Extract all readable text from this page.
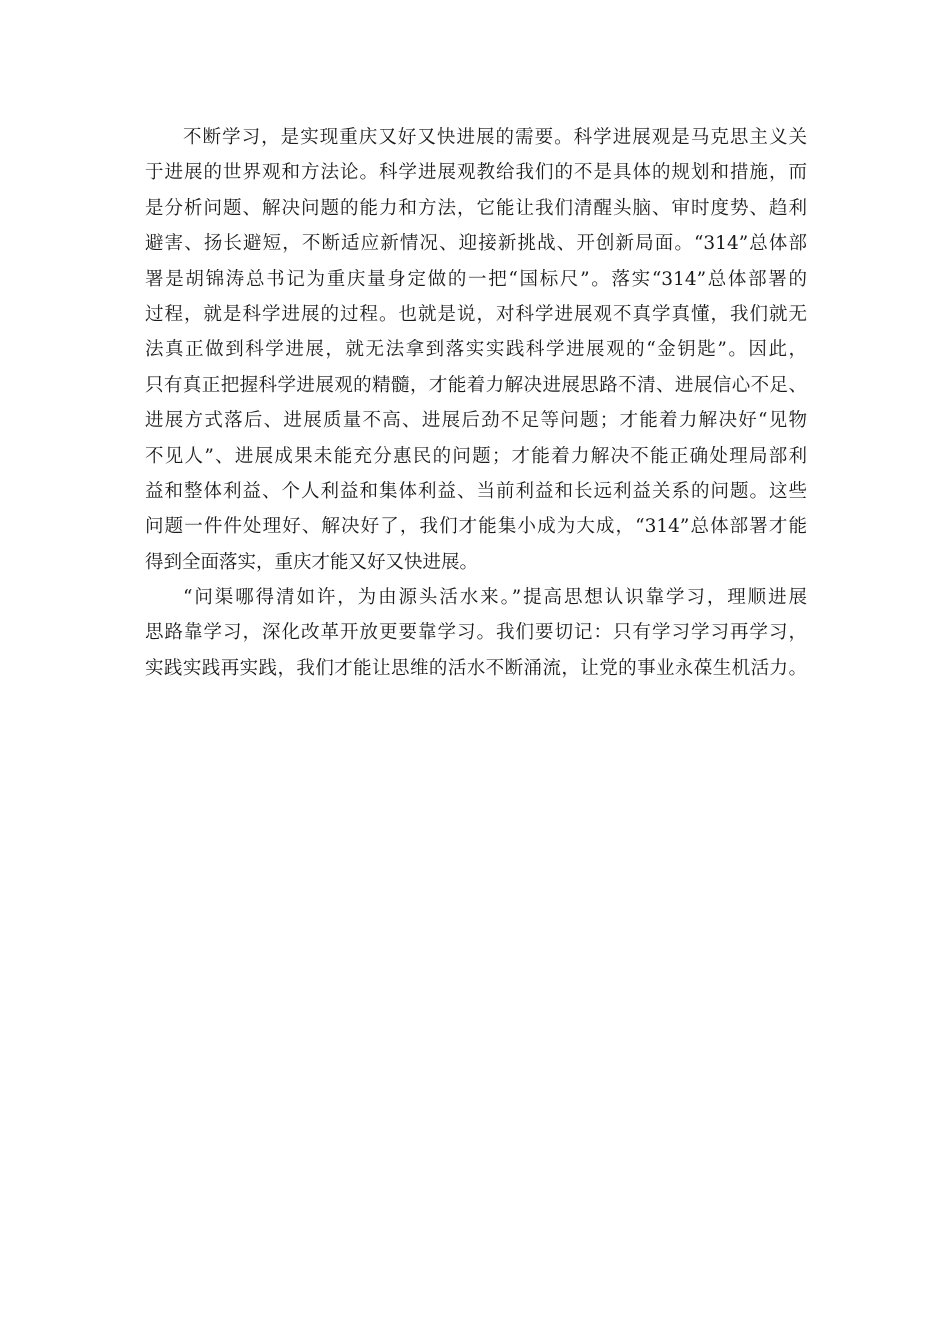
不断学习，是实现重庆又好又快进展的需要。科学进展观是马克思主义关
于进展的世界观和方法论。科学进展观教给我们的不是具体的规划和措施，而
是分析问题、解决问题的能力和方法，它能让我们清醒头脑、审时度势、趋利
避害、扬长避短，不断适应新情况、迎接新挑战、开创新局面。“314”总体部
署是胡锦涛总书记为重庆量身定做的一把“国标尺”。落实“314”总体部署的
过程，就是科学进展的过程。也就是说，对科学进展观不真学真懂，我们就无
法真正做到科学进展，就无法拿到落实实践科学进展观的“金钥匙”。因此，
只有真正把握科学进展观的精髓，才能着力解决进展思路不清、进展信心不足、
进展方式落后、进展质量不高、进展后劲不足等问题；才能着力解决好“见物
不见人”、进展成果未能充分惠民的问题；才能着力解决不能正确处理局部利
益和整体利益、个人利益和集体利益、当前利益和长远利益关系的问题。这些
问题一件件处理好、解决好了，我们才能集小成为大成，“314”总体部署才能
得到全面落实，重庆才能又好又快进展。
“问渠哪得清如许，为由源头活水来。”提高思想认识靠学习，理顺进展
思路靠学习，深化改革开放更要靠学习。我们要切记：只有学习学习再学习，
实践实践再实践，我们才能让思维的活水不断涌流，让党的事业永葆生机活力。
